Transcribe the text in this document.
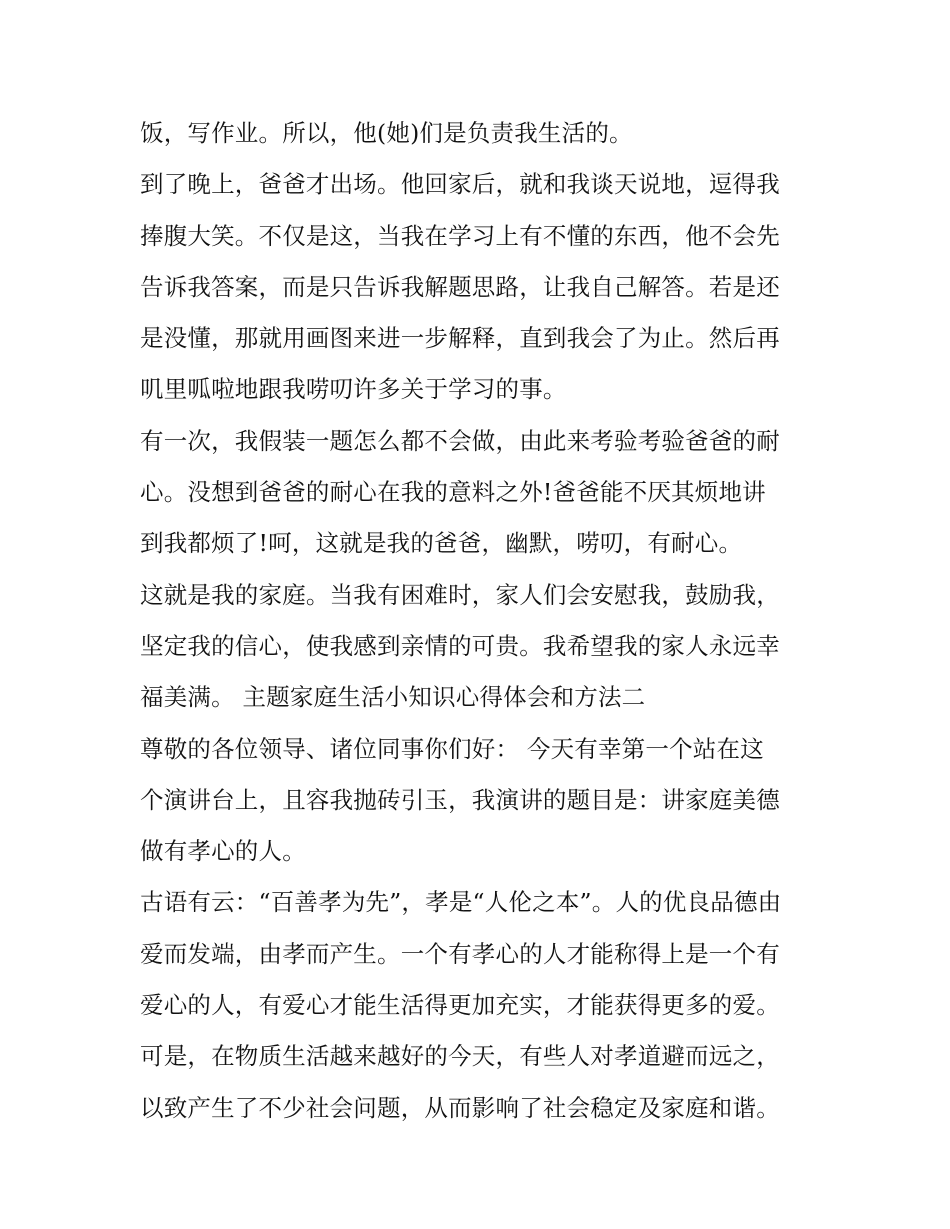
饭，写作业。所以，他(她)们是负责我生活的。
到了晚上，爸爸才出场。他回家后，就和我谈天说地，逗得我
捧腹大笑。不仅是这，当我在学习上有不懂的东西，他不会先
告诉我答案，而是只告诉我解题思路，让我自己解答。若是还
是没懂，那就用画图来进一步解释，直到我会了为止。然后再
叽里呱啦地跟我唠叨许多关于学习的事。
有一次，我假装一题怎么都不会做，由此来考验考验爸爸的耐
心。没想到爸爸的耐心在我的意料之外!爸爸能不厌其烦地讲
到我都烦了!呵，这就是我的爸爸，幽默，唠叨，有耐心。
这就是我的家庭。当我有困难时，家人们会安慰我，鼓励我，
坚定我的信心，使我感到亲情的可贵。我希望我的家人永远幸
福美满。 主题家庭生活小知识心得体会和方法二
尊敬的各位领导、诸位同事你们好： 今天有幸第一个站在这
个演讲台上，且容我抛砖引玉，我演讲的题目是：讲家庭美德
做有孝心的人。
古语有云：“百善孝为先”，孝是“人伦之本”。人的优良品德由
爱而发端，由孝而产生。一个有孝心的人才能称得上是一个有
爱心的人，有爱心才能生活得更加充实，才能获得更多的爱。
可是，在物质生活越来越好的今天，有些人对孝道避而远之，
以致产生了不少社会问题，从而影响了社会稳定及家庭和谐。
